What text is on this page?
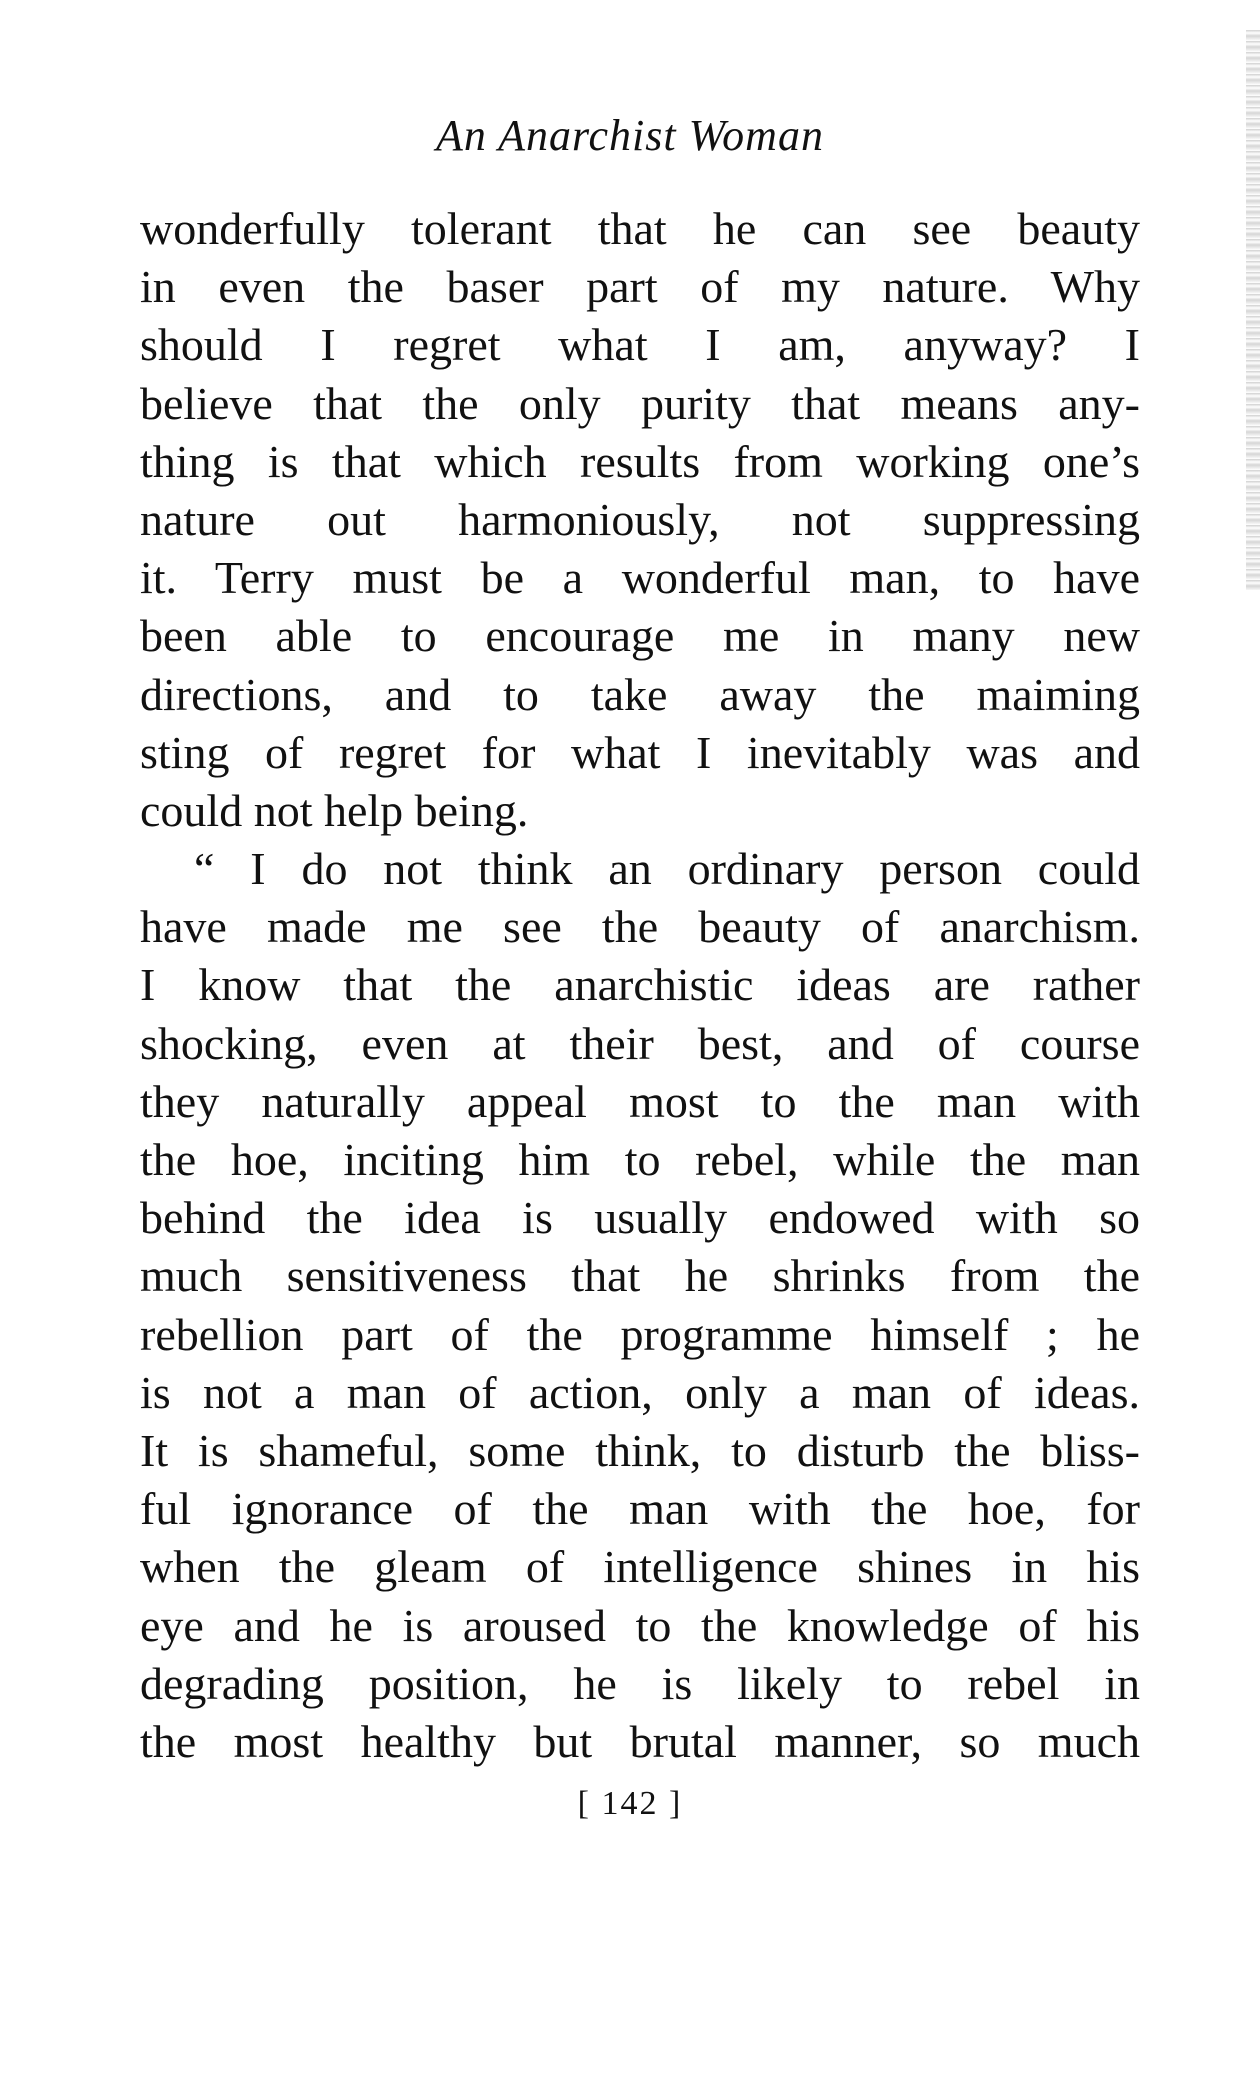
An Anarchist Woman
wonderfully tolerant that he can see beauty
in even the baser part of my nature. Why
should I regret what I am, anyway? I
believe that the only purity that means any-
thing is that which results from working one’s
nature out harmoniously, not suppressing
it. Terry must be a wonderful man, to have
been able to encourage me in many new
directions, and to take away the maiming
sting of regret for what I inevitably was and
could not help being.
“ I do not think an ordinary person could
have made me see the beauty of anarchism.
I know that the anarchistic ideas are rather
shocking, even at their best, and of course
they naturally appeal most to the man with
the hoe, inciting him to rebel, while the man
behind the idea is usually endowed with so
much sensitiveness that he shrinks from the
rebellion part of the programme himself ; he
is not a man of action, only a man of ideas.
It is shameful, some think, to disturb the bliss-
ful ignorance of the man with the hoe, for
when the gleam of intelligence shines in his
eye and he is aroused to the knowledge of his
degrading position, he is likely to rebel in
the most healthy but brutal manner, so much
[ 142 ]
